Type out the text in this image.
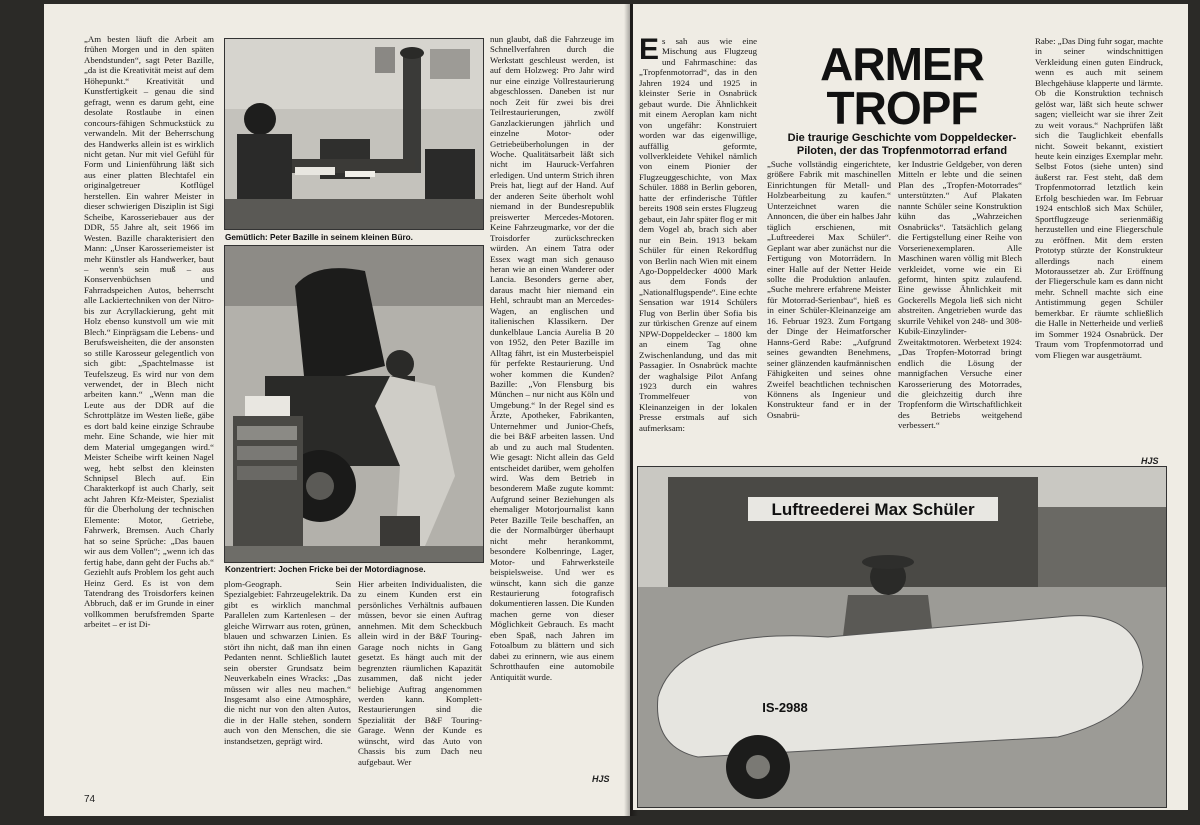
„Am besten läuft die Arbeit am frühen Morgen und in den späten Abendstunden“, sagt Peter Bazille, „da ist die Kreativität meist auf dem Höhepunkt.“ Kreativität und Kunstfertigkeit – genau die sind gefragt, wenn es darum geht, eine desolate Rostlaube in einen concours-fähigen Schmuckstück zu verwandeln. Mit der Beherrschung des Handwerks allein ist es wirklich nicht getan. Nur mit viel Gefühl für Form und Linienführung läßt sich aus einer platten Blechtafel ein originalgetreuer Kotflügel herstellen. Ein wahrer Meister in dieser schwierigen Disziplin ist Sigi Scheibe, Karosseriebauer aus der DDR, 55 Jahre alt, seit 1966 im Westen. Bazille charakterisiert den Mann: „Unser Karosseriemeister ist mehr Künstler als Handwerker, baut – wenn's sein muß – aus Konservenbüchsen und Fahrradspeichen Autos, beherrscht alle Lackiertechniken von der Nitro- bis zur Acryllackierung, geht mit Holz ebenso kunstvoll um wie mit Blech.“ Einprägsam die Lebens- und Berufsweisheiten, die der ansonsten so stille Karosseur gelegentlich von sich gibt: „Spachtelmasse ist Teufelszeug. Es wird nur von dem verwendet, der in Blech nicht arbeiten kann.“ „Wenn man die Leute aus der DDR auf die Schrottplätze im Westen ließe, gäbe es dort bald keine einzige Schraube mehr. Eine Schande, wie hier mit dem Material umgegangen wird.“ Meister Scheibe wirft keinen Nagel weg, hebt selbst den kleinsten Schnipsel Blech auf. Ein Charakterkopf ist auch Charly, seit acht Jahren Kfz-Meister, Spezialist für die Überholung der technischen Elemente: Motor, Getriebe, Fahrwerk, Bremsen. Auch Charly hat so seine Sprüche: „Das bauen wir aus dem Vollen“; „wenn ich das fertig habe, dann geht der Fuchs ab.“ Geziehlt aufs Problem los geht auch Heinz Gerd. Es ist von dem Tatendrang des Troisdorfers keinen Abbruch, daß er im Grunde in einer vollkommen berufsfremden Sparte arbeitet – er ist Di-

Gemütlich: Peter Bazille in seinem kleinen Büro.
Konzentriert: Jochen Fricke bei der Motordiagnose.

plom-Geograph. Sein Spezialgebiet: Fahrzeugelektrik. Da gibt es wirklich manchmal Parallelen zum Kartenlesen – der gleiche Wirrwarr aus roten, grünen, blauen und schwarzen Linien. Es stört ihn nicht, daß man ihn einen Pedanten nennt. Schließlich lautet sein oberster Grundsatz beim Neuverkabeln eines Wracks: „Das müssen wir alles neu machen.“ Insgesamt also eine Atmosphäre, die nicht nur von den alten Autos, die in der Halle stehen, sondern auch von den Menschen, die sie instandsetzen, geprägt wird.

Hier arbeiten Individualisten, die zu einem Kunden erst ein persönliches Verhältnis aufbauen müssen, bevor sie einen Auftrag annehmen. Mit dem Scheckbuch allein wird in der B&F Touring-Garage noch nichts in Gang gesetzt. Es hängt auch mit der begrenzten räumlichen Kapazität zusammen, daß nicht jeder beliebige Auftrag angenommen werden kann. Komplett-Restaurierungen sind die Spezialität der B&F Touring-Garage. Wenn der Kunde es wünscht, wird das Auto von Chassis bis zum Dach neu aufgebaut. Wer

nun glaubt, daß die Fahrzeuge im Schnellverfahren durch die Werkstatt geschleust werden, ist auf dem Holzweg: Pro Jahr wird nur eine einzige Vollrestaurierung abgeschlossen. Daneben ist nur noch Zeit für zwei bis drei Teilrestaurierungen, zwölf Ganzlackierungen jährlich und einzelne Motor- oder Getriebeüberholungen in der Woche. Qualitätsarbeit läßt sich nicht im Hauruck-Verfahren erledigen. Und unterm Strich ihren Preis hat, liegt auf der Hand. Auf der anderen Seite überholt wohl niemand in der Bundesrepublik preiswerter Mercedes-Motoren. Keine Fahrzeugmarke, vor der die Troisdorfer zurückschrecken würden. An einem Tatra oder Essex wagt man sich genauso heran wie an einen Wanderer oder Lancia. Besonders gerne aber, daraus macht hier niemand ein Hehl, schraubt man an Mercedes-Wagen, an englischen und italienischen Klassikern. Der dunkelblaue Lancia Aurelia B 20 von 1952, den Peter Bazille im Alltag fährt, ist ein Musterbeispiel für perfekte Restaurierung. Und woher kommen die Kunden? Bazille: „Von Flensburg bis München – nur nicht aus Köln und Umgebung.“ In der Regel sind es Ärzte, Apotheker, Fabrikanten, Unternehmer und Junior-Chefs, die bei B&F arbeiten lassen. Und ab und zu auch mal Studenten. Wie gesagt: Nicht allein das Geld entscheidet darüber, wem geholfen wird. Was dem Betrieb in besonderem Maße zugute kommt: Aufgrund seiner Beziehungen als ehemaliger Motorjournalist kann Peter Bazille Teile beschaffen, an die der Normalbürger überhaupt nicht mehr herankommt, besondere Kolbenringe, Lager, Motor- und Fahrwerksteile beispielsweise. Und wer es wünscht, kann sich die ganze Restaurierung fotografisch dokumentieren lassen. Die Kunden machen gerne von dieser Möglichkeit Gebrauch. Es macht eben Spaß, nach Jahren im Fotoalbum zu blättern und sich dabei zu erinnern, wie aus einem Schrotthaufen eine automobile Antiquität wurde.

HJS
74

Es sah aus wie eine Mischung aus Flugzeug und Fahrmaschine: das „Tropfenmotorrad“, das in den Jahren 1924 und 1925 in kleinster Serie in Osnabrück gebaut wurde. Die Ähnlichkeit mit einem Aeroplan kam nicht von ungefähr: Konstruiert worden war das eigenwillige, auffällig geformte, vollverkleidete Vehikel nämlich von einem Pionier der Flugzeuggeschichte, von Max Schüler. 1888 in Berlin geboren, hatte der erfinderische Tüftler bereits 1908 sein erstes Flugzeug gebaut, ein Jahr später flog er mit dem Vogel ab, brach sich aber nur ein Bein. 1913 bekam Schüler für einen Rekordflug von Berlin nach Wien mit einem Ago-Doppeldecker 4000 Mark aus dem Fonds der „Nationalflugspende“. Eine echte Sensation war 1914 Schülers Flug von Berlin über Sofia bis zur türkischen Grenze auf einem NPW-Doppeldecker – 1800 km an einem Tag ohne Zwischenlandung, und das mit Passagier. In Osnabrück machte der waghalsige Pilot Anfang 1923 durch ein wahres Trommelfeuer von Kleinanzeigen in der lokalen Presse erstmals auf sich aufmerksam:

ARMER
TROPF
Die traurige Geschichte vom Doppeldecker-Piloten, der das Tropfenmotorrad erfand

„Suche vollständig eingerichtete, größere Fabrik mit maschinellen Einrichtungen für Metall- und Holzbearbeitung zu kaufen.“ Unterzeichnet waren die Annoncen, die über ein halbes Jahr täglich erschienen, mit „Luftreederei Max Schüler“. Geplant war aber zunächst nur die Fertigung von Motorrädern. In einer Halle auf der Netter Heide sollte die Produktion anlaufen. „Suche mehrere erfahrene Meister für Motorrad-Serienbau“, hieß es in einer Schüler-Kleinanzeige am 16. Februar 1923. Zum Fortgang der Dinge der Heimatforscher Hanns-Gerd Rabe: „Aufgrund seines gewandten Benehmens, seiner glänzenden kaufmännischen Fähigkeiten und seines ohne Zweifel beachtlichen technischen Könnens als Ingenieur und Konstrukteur fand er in der Osnabrü-

ker Industrie Geldgeber, von deren Mitteln er lebte und die seinen Plan des „Tropfen-Motorrades“ unterstützten.“ Auf Plakaten nannte Schüler seine Konstruktion kühn das „Wahrzeichen Osnabrücks“. Tatsächlich gelang die Fertigstellung einer Reihe von Vorserienexemplaren. Alle Maschinen waren völlig mit Blech verkleidet, vorne wie ein Ei geformt, hinten spitz zulaufend. Eine gewisse Ähnlichkeit mit Gockerells Megola ließ sich nicht abstreiten. Angetrieben wurde das skurrile Vehikel von 248- und 308-Kubik-Einzylinder-Zweitaktmotoren. Werbetext 1924: „Das Tropfen-Motorrad bringt endlich die Lösung der mannigfachen Versuche einer Karosserierung des Motorrades, die gleichzeitig durch ihre Tropfenform die Wirtschaftlichkeit des Betriebs weitgehend verbessert.“

Rabe: „Das Ding fuhr sogar, machte in seiner windschnittigen Verkleidung einen guten Eindruck, wenn es auch mit seinem Blechgehäuse klapperte und lärmte. Ob die Konstruktion technisch gelöst war, läßt sich heute schwer sagen; vielleicht war sie ihrer Zeit zu weit voraus.“ Nachprüfen läßt sich die Tauglichkeit ebenfalls nicht. Soweit bekannt, existiert heute kein einziges Exemplar mehr. Selbst Fotos (siehe unten) sind äußerst rar. Fest steht, daß dem Tropfenmotorrad letztlich kein Erfolg beschieden war. Im Februar 1924 entschloß sich Max Schüler, Sportflugzeuge serienmäßig herzustellen und eine Fliegerschule zu eröffnen. Mit dem ersten Prototyp stürzte der Konstrukteur allerdings nach einem Motoraussetzer ab. Zur Eröffnung der Fliegerschule kam es dann nicht mehr. Schnell machte sich eine Antistimmung gegen Schüler bemerkbar. Er räumte schließlich die Halle in Netterheide und verließ im Sommer 1924 Osnabrück. Der Traum vom Tropfenmotorrad und vom Fliegen war ausgeträumt.

HJS
Luftreederei Max Schüler
IS-2988
